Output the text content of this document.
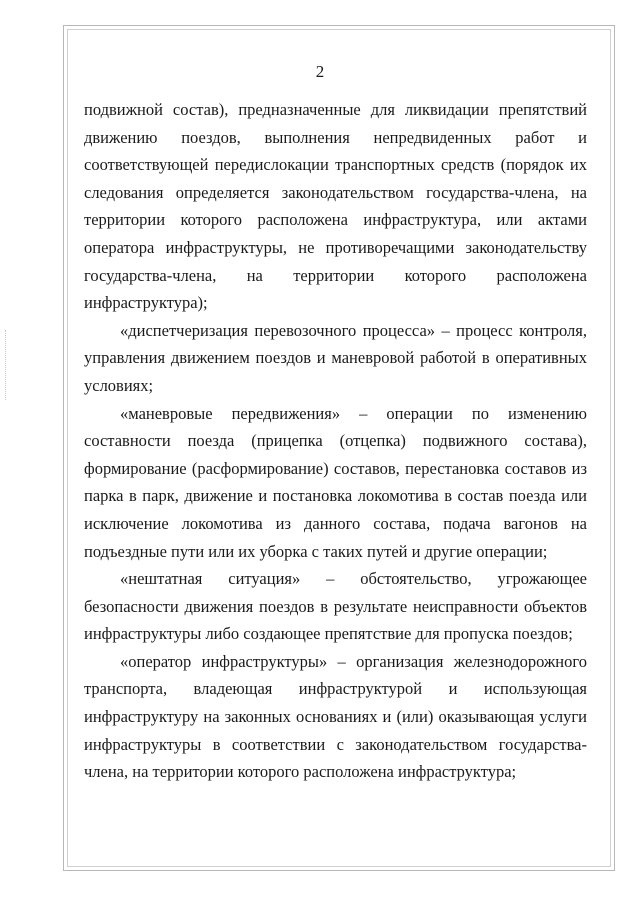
2

подвижной состав), предназначенные для ликвидации препятствий движению поездов, выполнения непредвиденных работ и соответствующей передислокации транспортных средств (порядок их следования определяется законодательством государства-члена, на территории которого расположена инфраструктура, или актами оператора инфраструктуры, не противоречащими законодательству государства-члена, на территории которого расположена инфраструктура);

«диспетчеризация перевозочного процесса» – процесс контроля, управления движением поездов и маневровой работой в оперативных условиях;

«маневровые передвижения» – операции по изменению составности поезда (прицепка (отцепка) подвижного состава), формирование (расформирование) составов, перестановка составов из парка в парк, движение и постановка локомотива в состав поезда или исключение локомотива из данного состава, подача вагонов на подъездные пути или их уборка с таких путей и другие операции;

«нештатная ситуация» – обстоятельство, угрожающее безопасности движения поездов в результате неисправности объектов инфраструктуры либо создающее препятствие для пропуска поездов;

«оператор инфраструктуры» – организация железнодорожного транспорта, владеющая инфраструктурой и использующая инфраструктуру на законных основаниях и (или) оказывающая услуги инфраструктуры в соответствии с законодательством государства-члена, на территории которого расположена инфраструктура;
